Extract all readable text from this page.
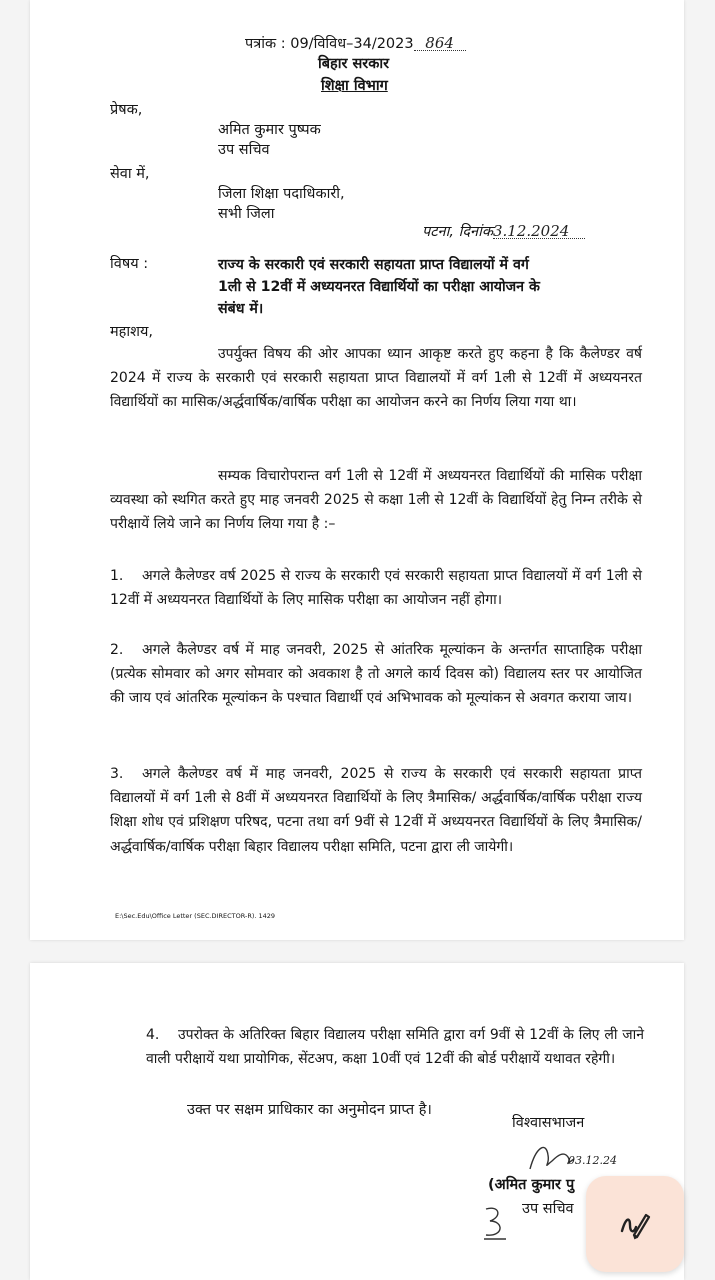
पत्रांक : 09/विविध–34/2023 864
बिहार सरकार
शिक्षा विभाग
प्रेषक,
अमित कुमार पुष्पक
उप सचिव
सेवा में,
जिला शिक्षा पदाधिकारी,
सभी जिला
पटना, दिनांक3.12.2024
विषय :	राज्य के सरकारी एवं सरकारी सहायता प्राप्त विद्यालयों में वर्ग
1ली से 12वीं में अध्ययनरत विद्यार्थियों का परीक्षा आयोजन के
संबंध में।
महाशय,
उपर्युक्त विषय की ओर आपका ध्यान आकृष्ट करते हुए कहना है कि कैलेण्डर वर्ष 2024 में राज्य के सरकारी एवं सरकारी सहायता प्राप्त विद्यालयों में वर्ग 1ली से 12वीं में अध्ययनरत विद्यार्थियों का मासिक/अर्द्धवार्षिक/वार्षिक परीक्षा का आयोजन करने का निर्णय लिया गया था।
सम्यक विचारोपरान्त वर्ग 1ली से 12वीं में अध्ययनरत विद्यार्थियों की मासिक परीक्षा व्यवस्था को स्थगित करते हुए माह जनवरी 2025 से कक्षा 1ली से 12वीं के विद्यार्थियों हेतु निम्न तरीके से परीक्षायें लिये जाने का निर्णय लिया गया है :–
1. अगले कैलेण्डर वर्ष 2025 से राज्य के सरकारी एवं सरकारी सहायता प्राप्त विद्यालयों में वर्ग 1ली से 12वीं में अध्ययनरत विद्यार्थियों के लिए मासिक परीक्षा का आयोजन नहीं होगा।
2. अगले कैलेण्डर वर्ष में माह जनवरी, 2025 से आंतरिक मूल्यांकन के अन्तर्गत साप्ताहिक परीक्षा (प्रत्येक सोमवार को अगर सोमवार को अवकाश है तो अगले कार्य दिवस को) विद्यालय स्तर पर आयोजित की जाय एवं आंतरिक मूल्यांकन के पश्चात विद्यार्थी एवं अभिभावक को मूल्यांकन से अवगत कराया जाय।
3. अगले कैलेण्डर वर्ष में माह जनवरी, 2025 से राज्य के सरकारी एवं सरकारी सहायता प्राप्त विद्यालयों में वर्ग 1ली से 8वीं में अध्ययनरत विद्यार्थियों के लिए त्रैमासिक/ अर्द्धवार्षिक/वार्षिक परीक्षा राज्य शिक्षा शोध एवं प्रशिक्षण परिषद, पटना तथा वर्ग 9वीं से 12वीं में अध्ययनरत विद्यार्थियों के लिए त्रैमासिक/अर्द्धवार्षिक/वार्षिक परीक्षा बिहार विद्यालय परीक्षा समिति, पटना द्वारा ली जायेगी।
E:\Sec.Edu\Office Letter (SEC.DIRECTOR-R). 1429
4. उपरोक्त के अतिरिक्त बिहार विद्यालय परीक्षा समिति द्वारा वर्ग 9वीं से 12वीं के लिए ली जाने वाली परीक्षायें यथा प्रायोगिक, सेंटअप, कक्षा 10वीं एवं 12वीं की बोर्ड परीक्षायें यथावत रहेगी।
उक्त पर सक्षम प्राधिकार का अनुमोदन प्राप्त है।
विश्वासभाजन
03.12.24
(अमित कुमार पु
उप सचिव
